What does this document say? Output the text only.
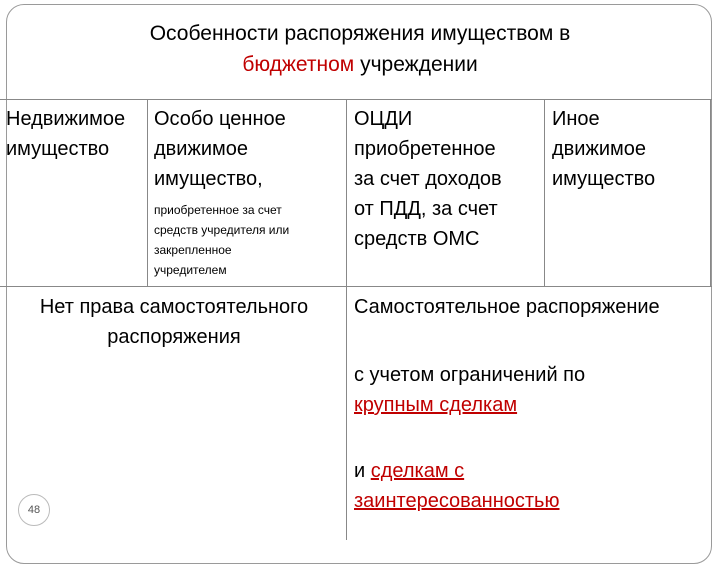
Особенности распоряжения имуществом в
бюджетном учреждении
Недвижимое
имущество
Особо ценное
движимое
имущество,
приобретенное за счет
средств учредителя или
закрепленное
учредителем
ОЦДИ
приобретенное
за счет доходов
от ПДД, за счет
средств ОМС
Иное
движимое
имущество
Нет права самостоятельного
распоряжения
Самостоятельное распоряжение
с учетом ограничений по
крупным сделкам
и сделкам с
заинтересованностью
48
